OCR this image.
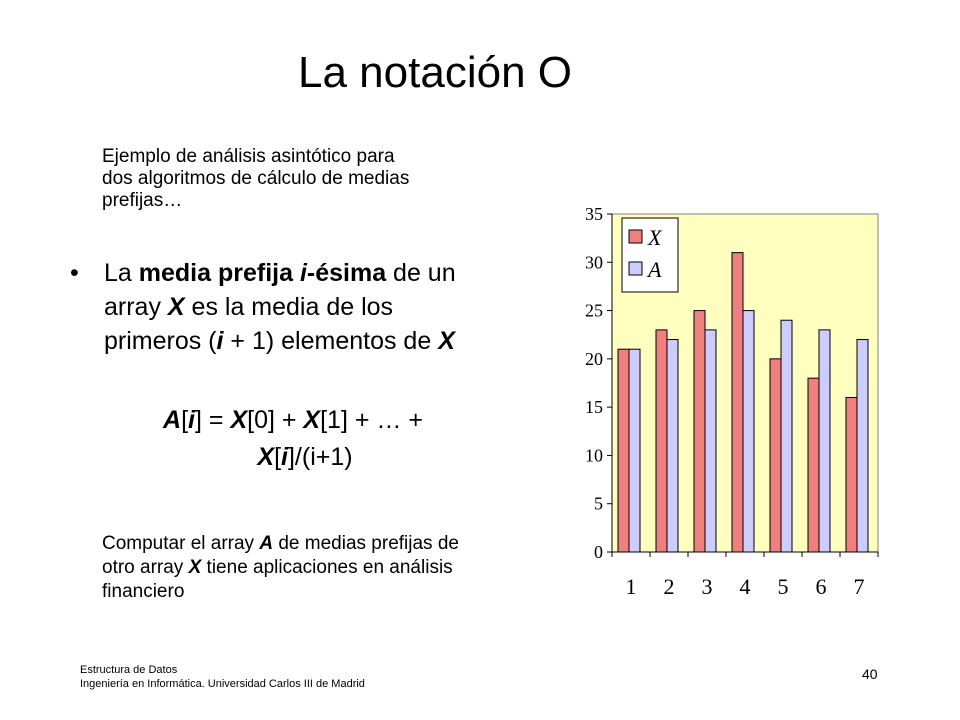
La notación O
Ejemplo de análisis asintótico para
dos algoritmos de cálculo de medias
prefijas…
•	La media prefija i-ésima de un array X es la media de los primeros (i + 1) elementos de X
A[i] = X[0] + X[1] + … +
X[i]/(i+1)
Computar el array A de medias prefijas de otro array X tiene aplicaciones en análisis financiero
0
5
10
15
20
25
30
35
1 2 3 4 5 6 7
X
A
Estructura de Datos
Ingeniería en Informática. Universidad Carlos III de Madrid
40
